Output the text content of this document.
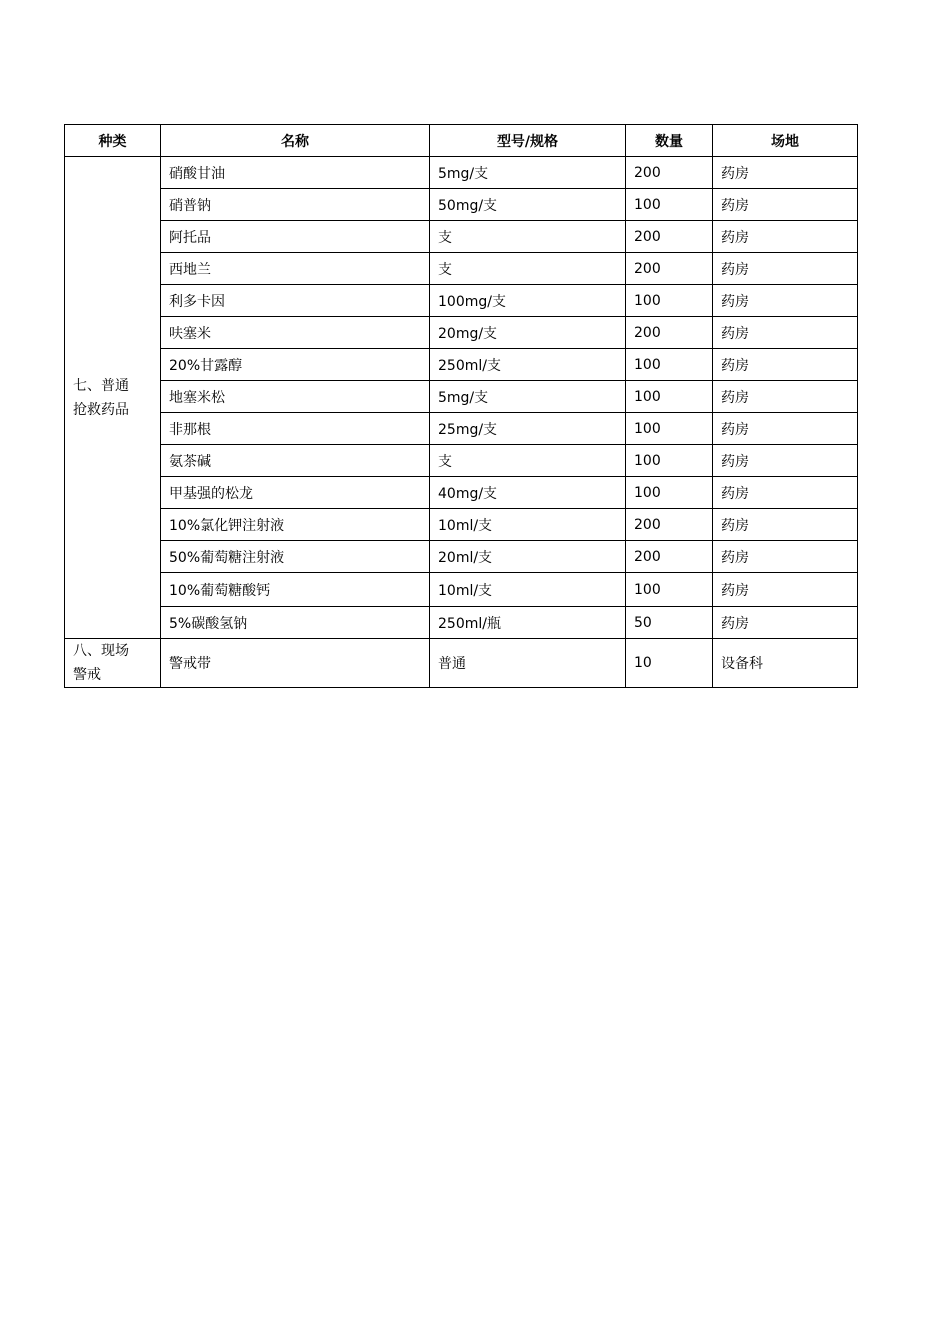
种类	名称	型号/规格	数量	场地
七、普通
抢救药品	硝酸甘油	5mg/支	200	药房
	硝普钠	50mg/支	100	药房
	阿托品	支	200	药房
	西地兰	支	200	药房
	利多卡因	100mg/支	100	药房
	呋塞米	20mg/支	200	药房
	20%甘露醇	250ml/支	100	药房
	地塞米松	5mg/支	100	药房
	非那根	25mg/支	100	药房
	氨茶碱	支	100	药房
	甲基强的松龙	40mg/支	100	药房
	10%氯化钾注射液	10ml/支	200	药房
	50%葡萄糖注射液	20ml/支	200	药房
	10%葡萄糖酸钙	10ml/支	100	药房
	5%碳酸氢钠	250ml/瓶	50	药房
八、现场
警戒	警戒带	普通	10	设备科
